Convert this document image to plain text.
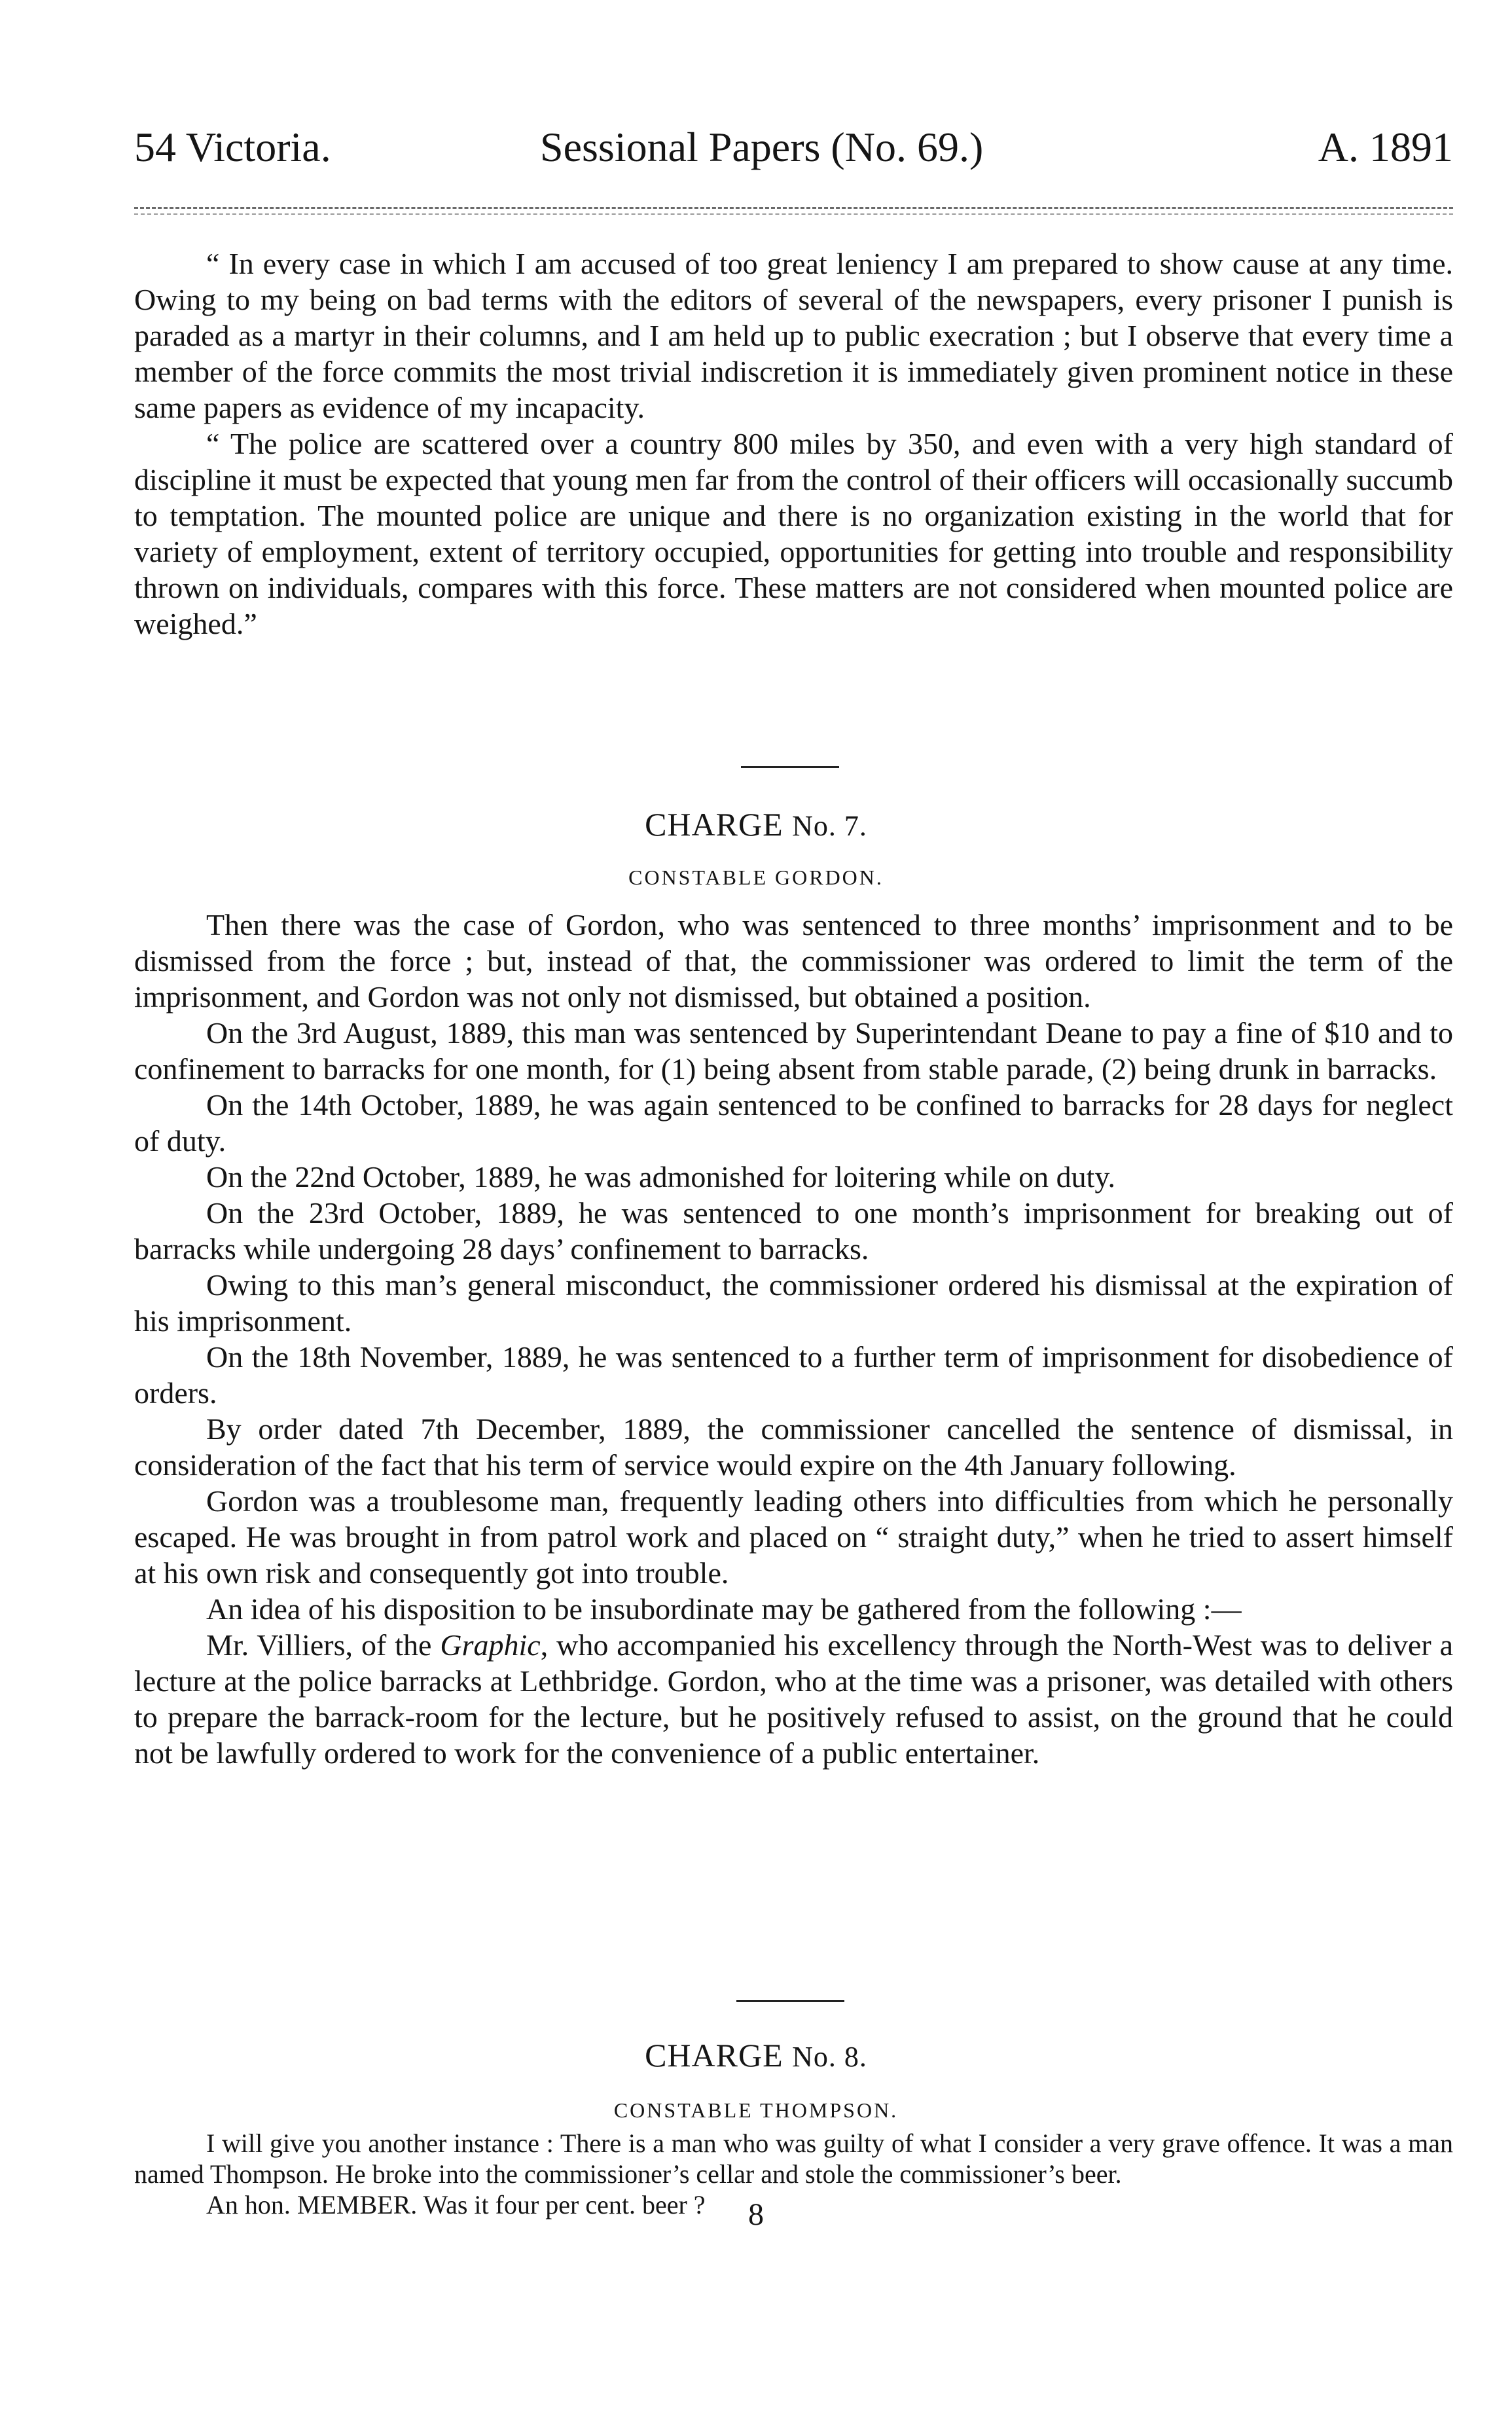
54 Victoria.	Sessional Papers (No. 69.)	A. 1891

“ In every case in which I am accused of too great leniency I am prepared to show cause at any time. Owing to my being on bad terms with the editors of several of the newspapers, every prisoner I punish is paraded as a martyr in their columns, and I am held up to public execration ; but I observe that every time a member of the force commits the most trivial indiscretion it is immediately given prominent notice in these same papers as evidence of my incapacity.

“ The police are scattered over a country 800 miles by 350, and even with a very high standard of discipline it must be expected that young men far from the control of their officers will occasionally succumb to temptation. The mounted police are unique and there is no organization existing in the world that for variety of employment, extent of territory occupied, opportunities for getting into trouble and responsibility thrown on individuals, compares with this force. These matters are not considered when mounted police are weighed.”

CHARGE No. 7.
CONSTABLE GORDON.

Then there was the case of Gordon, who was sentenced to three months’ imprisonment and to be dismissed from the force ; but, instead of that, the commissioner was ordered to limit the term of the imprisonment, and Gordon was not only not dismissed, but obtained a position.

On the 3rd August, 1889, this man was sentenced by Superintendant Deane to pay a fine of $10 and to confinement to barracks for one month, for (1) being absent from stable parade, (2) being drunk in barracks.

On the 14th October, 1889, he was again sentenced to be confined to barracks for 28 days for neglect of duty.

On the 22nd October, 1889, he was admonished for loitering while on duty.

On the 23rd October, 1889, he was sentenced to one month’s imprisonment for breaking out of barracks while undergoing 28 days’ confinement to barracks.

Owing to this man’s general misconduct, the commissioner ordered his dismissal at the expiration of his imprisonment.

On the 18th November, 1889, he was sentenced to a further term of imprisonment for disobedience of orders.

By order dated 7th December, 1889, the commissioner cancelled the sentence of dismissal, in consideration of the fact that his term of service would expire on the 4th January following.

Gordon was a troublesome man, frequently leading others into difficulties from which he personally escaped. He was brought in from patrol work and placed on “ straight duty,” when he tried to assert himself at his own risk and consequently got into trouble.

An idea of his disposition to be insubordinate may be gathered from the following :—

Mr. Villiers, of the Graphic, who accompanied his excellency through the North-West was to deliver a lecture at the police barracks at Lethbridge. Gordon, who at the time was a prisoner, was detailed with others to prepare the barrack-room for the lecture, but he positively refused to assist, on the ground that he could not be lawfully ordered to work for the convenience of a public entertainer.

CHARGE No. 8.
CONSTABLE THOMPSON.

I will give you another instance : There is a man who was guilty of what I consider a very grave offence. It was a man named Thompson. He broke into the commissioner’s cellar and stole the commissioner’s beer.

An hon. MEMBER. Was it four per cent. beer ?	8
